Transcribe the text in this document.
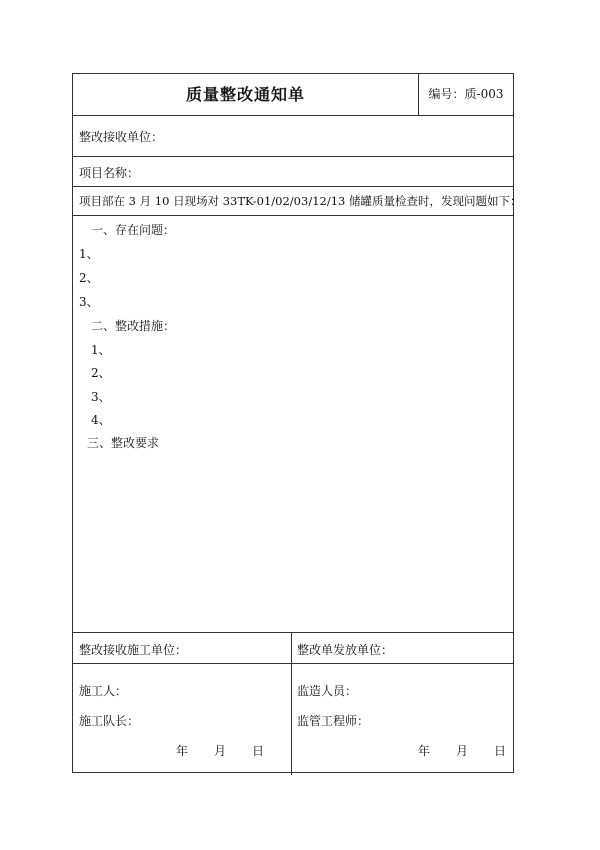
质量整改通知单	编号：质-003
整改接收单位：
项目名称：
项目部在 3 月 10 日现场对 33TK-01/02/03/12/13 储罐质量检查时，发现问题如下：
一、存在问题：
1、
2、
3、
二、整改措施：
1、
2、
3、
4、
三、整改要求
整改接收施工单位：
施工人：
施工队长：
年 月 日
整改单发放单位：
监造人员：
监管工程师：
年 月 日
